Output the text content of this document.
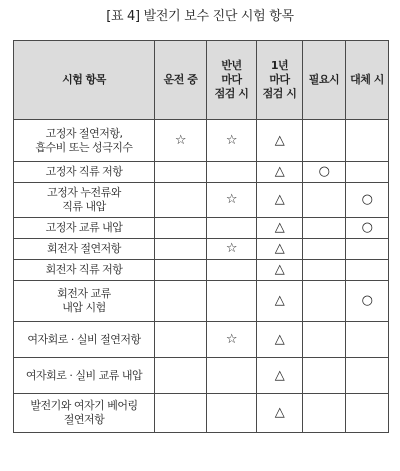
[표 4] 발전기 보수 진단 시험 항목
시험 항목	운전 중	반년
마다
점검 시	1년
마다
점검 시	필요시	대체 시

고정자 절연저항,
흡수비 또는 성극지수	☆	☆	△		

고정자 직류 저항			△	○	

고정자 누전류와
직류 내압		☆	△		○

고정자 교류 내압			△		○

회전자 절연저항		☆	△		

회전자 직류 저항			△		

회전자 교류
내압 시험			△		○

여자회로 · 실비 절연저항		☆	△		

여자회로 · 실비 교류 내압			△		

발전기와 여자기 베어링
절연저항			△		
